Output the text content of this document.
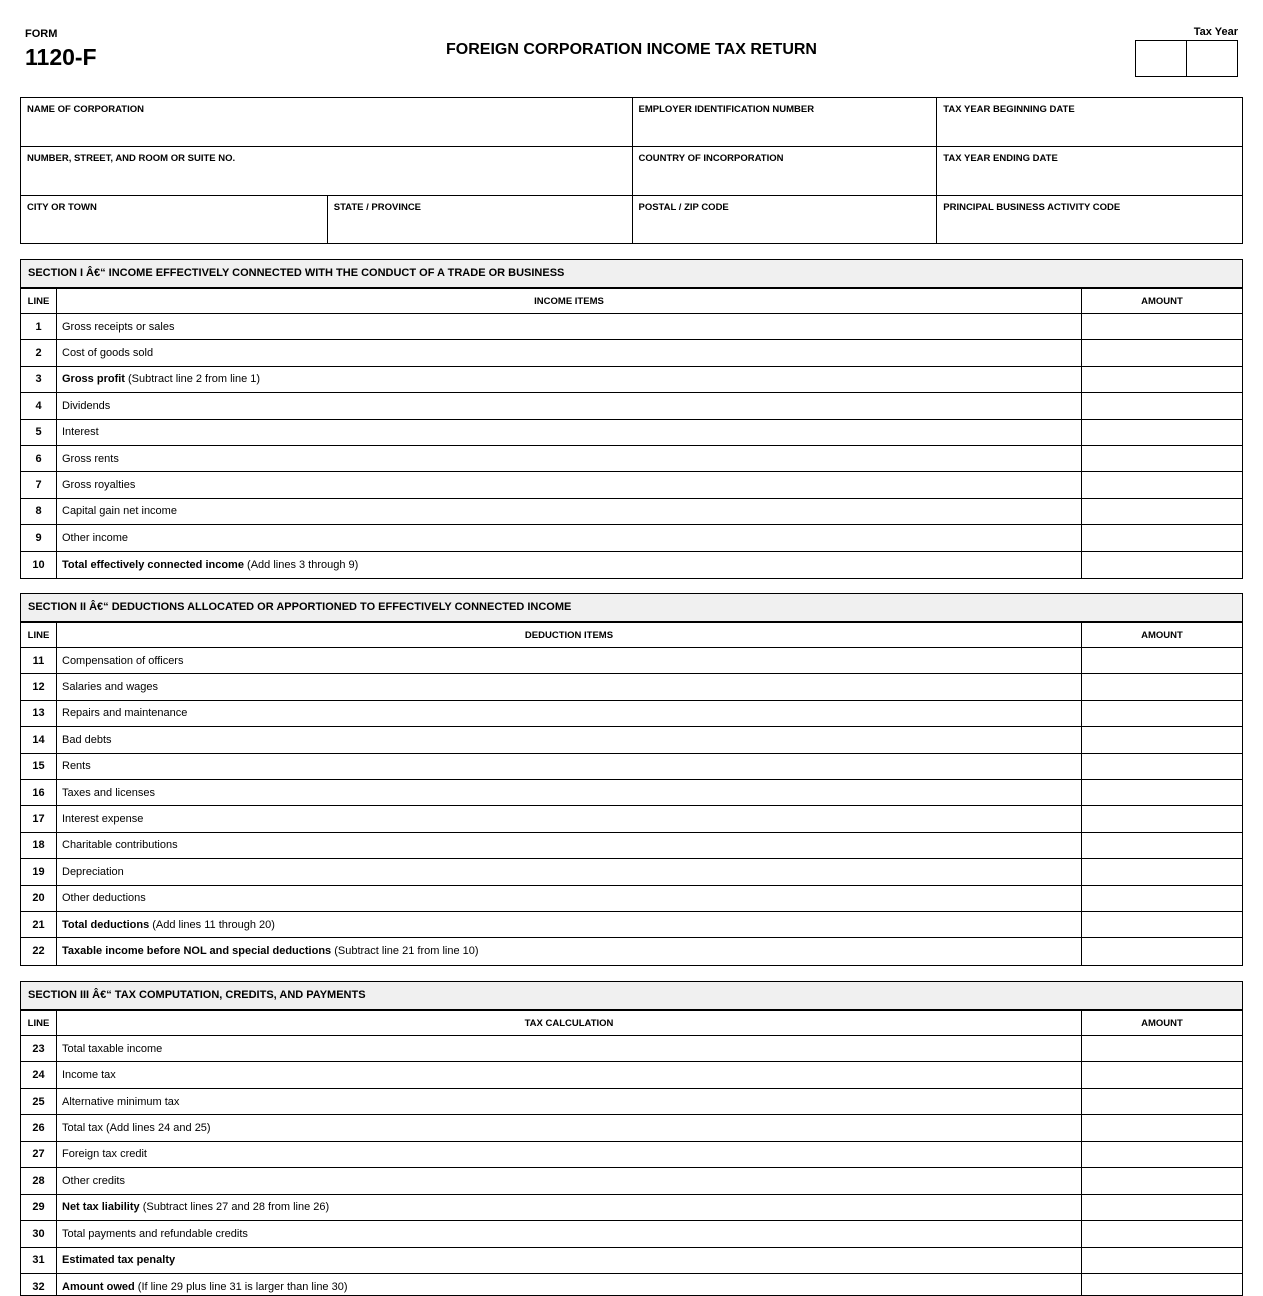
FORM
1120-F	FOREIGN CORPORATION INCOME TAX RETURN
Tax Year
NAME OF CORPORATION	EMPLOYER IDENTIFICATION NUMBER	TAX YEAR BEGINNING DATE
NUMBER, STREET, AND ROOM OR SUITE NO.	COUNTRY OF INCORPORATION	TAX YEAR ENDING DATE
CITY OR TOWN	STATE / PROVINCE	POSTAL / ZIP CODE	PRINCIPAL BUSINESS ACTIVITY CODE
SECTION I Â€“ INCOME EFFECTIVELY CONNECTED WITH THE CONDUCT OF A TRADE OR BUSINESS
LINE	INCOME ITEMS	AMOUNT
1	Gross receipts or sales
2	Cost of goods sold
3	Gross profit (Subtract line 2 from line 1)
4	Dividends
5	Interest
6	Gross rents
7	Gross royalties
8	Capital gain net income
9	Other income
10	Total effectively connected income (Add lines 3 through 9)
SECTION II Â€“ DEDUCTIONS ALLOCATED OR APPORTIONED TO EFFECTIVELY CONNECTED INCOME
LINE	DEDUCTION ITEMS	AMOUNT
11	Compensation of officers
12	Salaries and wages
13	Repairs and maintenance
14	Bad debts
15	Rents
16	Taxes and licenses
17	Interest expense
18	Charitable contributions
19	Depreciation
20	Other deductions
21	Total deductions (Add lines 11 through 20)
22	Taxable income before NOL and special deductions (Subtract line 21 from line 10)
SECTION III Â€“ TAX COMPUTATION, CREDITS, AND PAYMENTS
LINE	TAX CALCULATION	AMOUNT
23	Total taxable income
24	Income tax
25	Alternative minimum tax
26	Total tax (Add lines 24 and 25)
27	Foreign tax credit
28	Other credits
29	Net tax liability (Subtract lines 27 and 28 from line 26)
30	Total payments and refundable credits
31	Estimated tax penalty
32	Amount owed (If line 29 plus line 31 is larger than line 30)
